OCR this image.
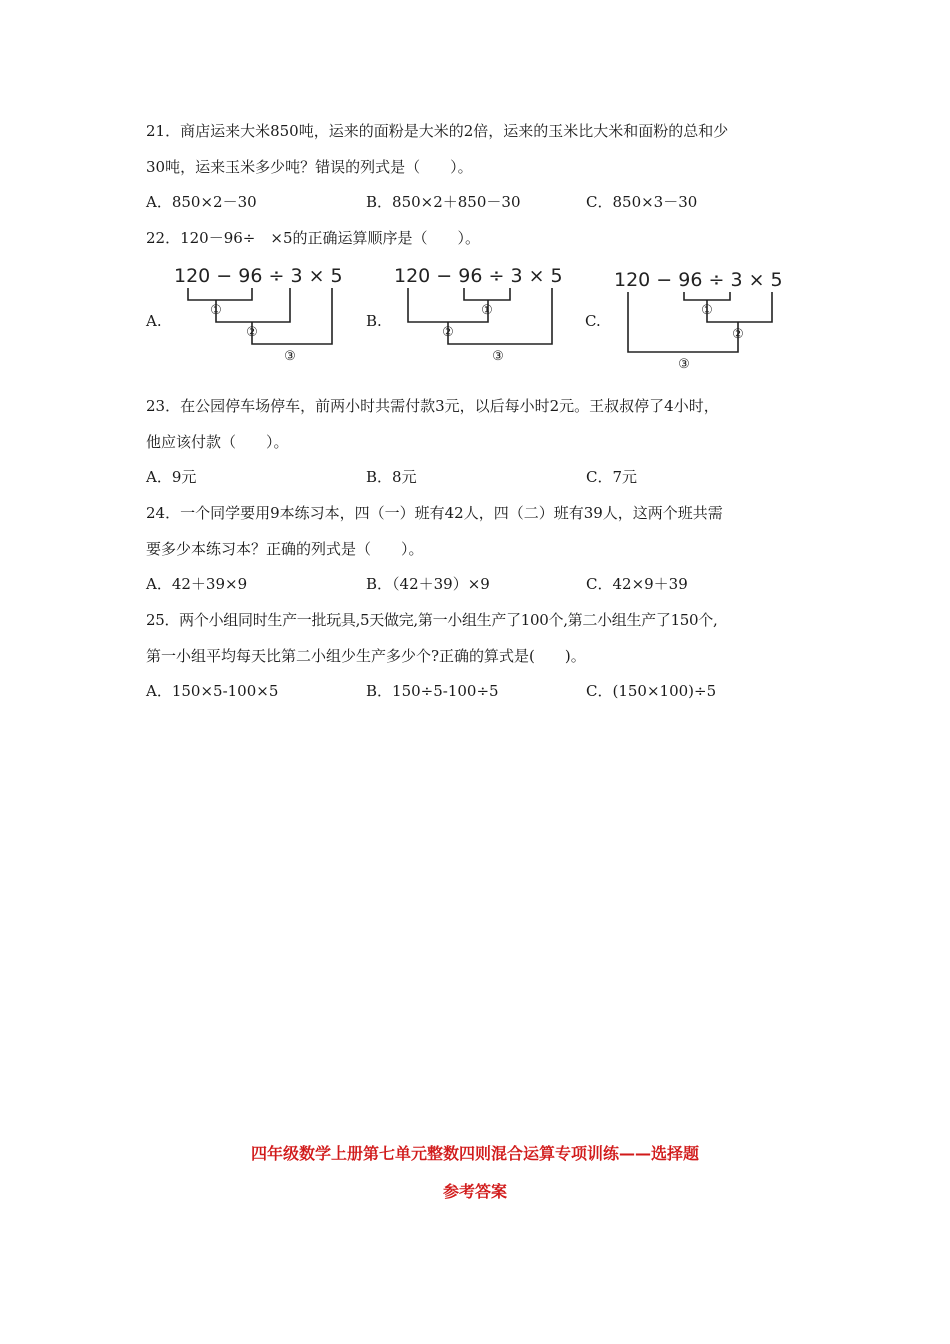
21．商店运来大米850吨，运来的面粉是大米的2倍，运来的玉米比大米和面粉的总和少
30吨，运来玉米多少吨？错误的列式是（　　）。
A．850×2－30	B．850×2＋850－30	C．850×3－30
22．120－96÷　×5的正确运算顺序是（　　）。
A.
120 − 96 ÷ 3 × 5
①
②
③
B.
120 − 96 ÷ 3 × 5
①
②
③
C.
120 − 96 ÷ 3 × 5
①
②
③
23．在公园停车场停车，前两小时共需付款3元，以后每小时2元。王叔叔停了4小时，
他应该付款（　　）。
A．9元	B．8元	C．7元
24．一个同学要用9本练习本，四（一）班有42人，四（二）班有39人，这两个班共需
要多少本练习本？正确的列式是（　　）。
A．42＋39×9	B．（42＋39）×9	C．42×9＋39
25．两个小组同时生产一批玩具,5天做完,第一小组生产了100个,第二小组生产了150个,
第一小组平均每天比第二小组少生产多少个?正确的算式是(　　)。
A．150×5-100×5	B．150÷5-100÷5	C．(150×100)÷5
四年级数学上册第七单元整数四则混合运算专项训练——选择题
参考答案
